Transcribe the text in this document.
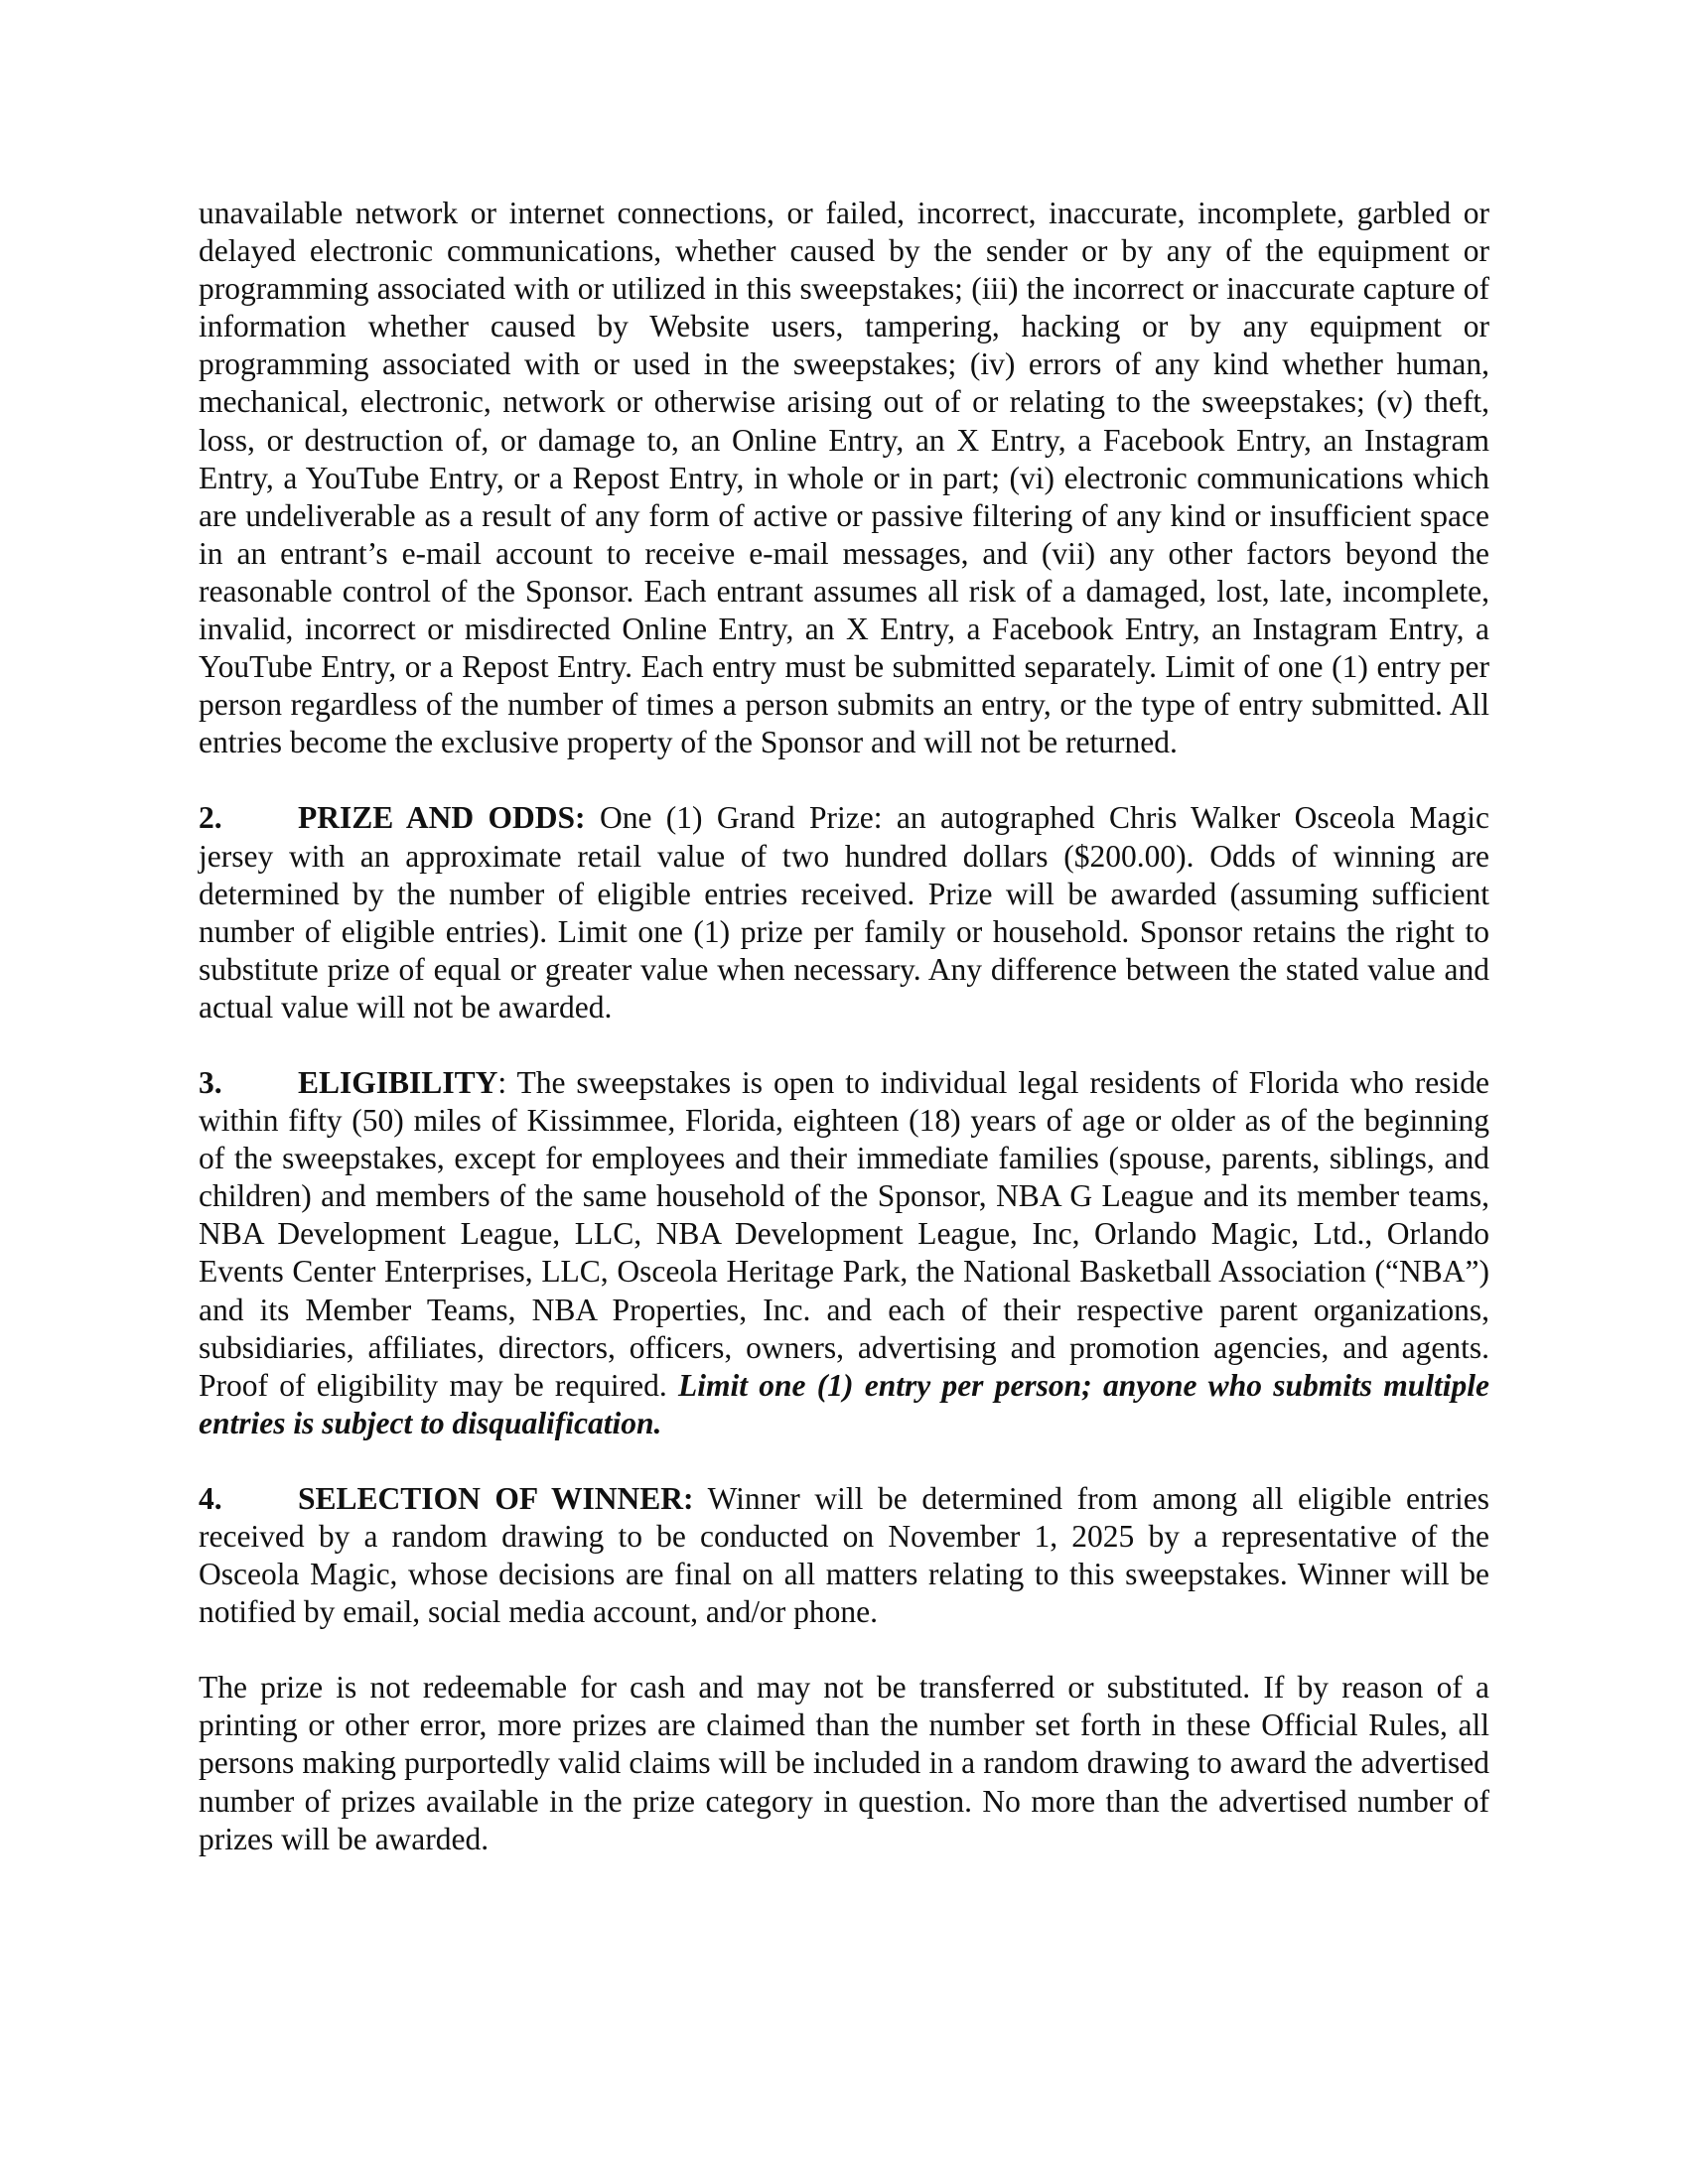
unavailable network or internet connections, or failed, incorrect, inaccurate, incomplete, garbled or delayed electronic communications, whether caused by the sender or by any of the equipment or programming associated with or utilized in this sweepstakes; (iii) the incorrect or inaccurate capture of information whether caused by Website users, tampering, hacking or by any equipment or programming associated with or used in the sweepstakes; (iv) errors of any kind whether human, mechanical, electronic, network or otherwise arising out of or relating to the sweepstakes; (v) theft, loss, or destruction of, or damage to, an Online Entry, an X Entry, a Facebook Entry, an Instagram Entry, a YouTube Entry, or a Repost Entry, in whole or in part; (vi) electronic communications which are undeliverable as a result of any form of active or passive filtering of any kind or insufficient space in an entrant’s e-mail account to receive e-mail messages, and (vii) any other factors beyond the reasonable control of the Sponsor. Each entrant assumes all risk of a damaged, lost, late, incomplete, invalid, incorrect or misdirected Online Entry, an X Entry, a Facebook Entry, an Instagram Entry, a YouTube Entry, or a Repost Entry. Each entry must be submitted separately. Limit of one (1) entry per person regardless of the number of times a person submits an entry, or the type of entry submitted. All entries become the exclusive property of the Sponsor and will not be returned.

2. PRIZE AND ODDS: One (1) Grand Prize: an autographed Chris Walker Osceola Magic jersey with an approximate retail value of two hundred dollars ($200.00). Odds of winning are determined by the number of eligible entries received. Prize will be awarded (assuming sufficient number of eligible entries). Limit one (1) prize per family or household. Sponsor retains the right to substitute prize of equal or greater value when necessary. Any difference between the stated value and actual value will not be awarded.

3. ELIGIBILITY: The sweepstakes is open to individual legal residents of Florida who reside within fifty (50) miles of Kissimmee, Florida, eighteen (18) years of age or older as of the beginning of the sweepstakes, except for employees and their immediate families (spouse, parents, siblings, and children) and members of the same household of the Sponsor, NBA G League and its member teams, NBA Development League, LLC, NBA Development League, Inc, Orlando Magic, Ltd., Orlando Events Center Enterprises, LLC, Osceola Heritage Park, the National Basketball Association (“NBA”) and its Member Teams, NBA Properties, Inc. and each of their respective parent organizations, subsidiaries, affiliates, directors, officers, owners, advertising and promotion agencies, and agents. Proof of eligibility may be required. Limit one (1) entry per person; anyone who submits multiple entries is subject to disqualification.

4. SELECTION OF WINNER: Winner will be determined from among all eligible entries received by a random drawing to be conducted on November 1, 2025 by a representative of the Osceola Magic, whose decisions are final on all matters relating to this sweepstakes. Winner will be notified by email, social media account, and/or phone.

The prize is not redeemable for cash and may not be transferred or substituted. If by reason of a printing or other error, more prizes are claimed than the number set forth in these Official Rules, all persons making purportedly valid claims will be included in a random drawing to award the advertised number of prizes available in the prize category in question. No more than the advertised number of prizes will be awarded.
